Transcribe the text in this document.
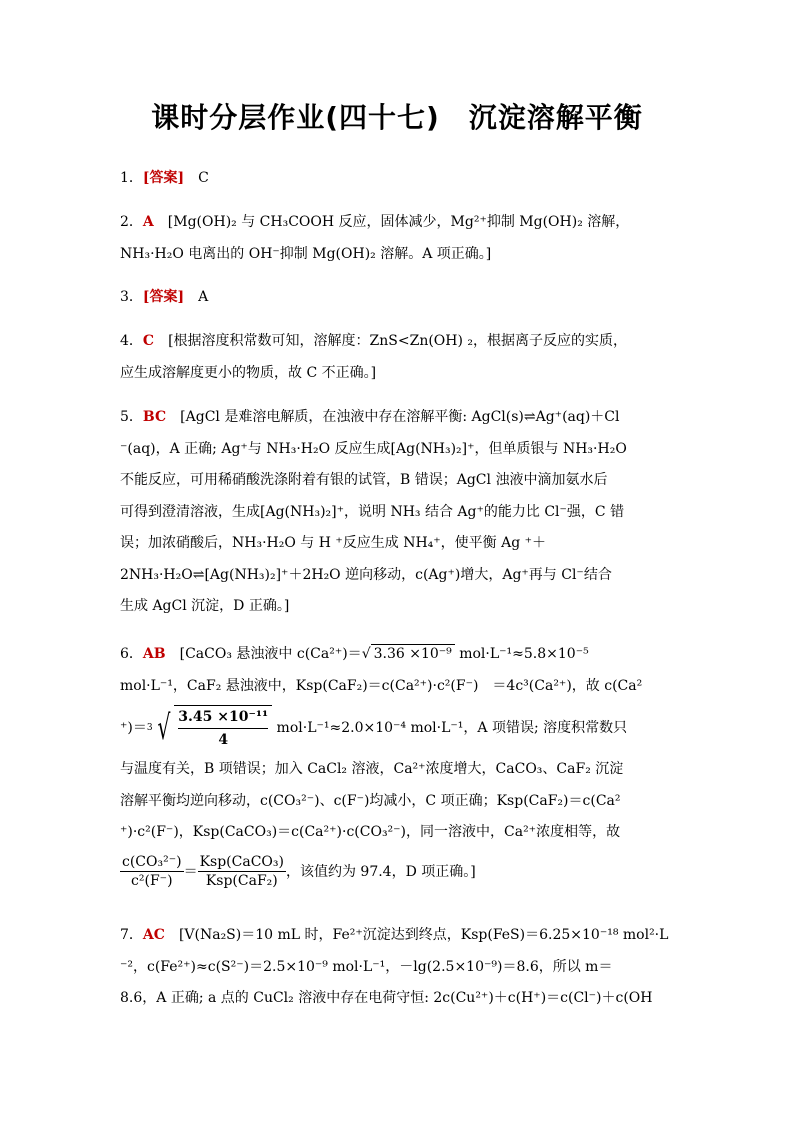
课时分层作业(四十七)　沉淀溶解平衡
1．[答案]　 C
2．A　 [Mg(OH)₂ 与 CH₃COOH 反应，固体减少，Mg²⁺抑制 Mg(OH)₂ 溶解，
NH₃·H₂O 电离出的 OH⁻抑制 Mg(OH)₂ 溶解。A 项正确。]
3．[答案]　 A
4．C　 [根据溶度积常数可知，溶解度：ZnS<Zn(OH) ₂，根据离子反应的实质，
应生成溶解度更小的物质，故 C 不正确。]
5．BC　 [AgCl 是难溶电解质，在浊液中存在溶解平衡: AgCl(s)⇌Ag⁺(aq)＋Cl
⁻(aq)，A 正确; Ag⁺与 NH₃·H₂O 反应生成[Ag(NH₃)₂]⁺，但单质银与 NH₃·H₂O
不能反应，可用稀硝酸洗涤附着有银的试管，B 错误；AgCl 浊液中滴加氨水后
可得到澄清溶液，生成[Ag(NH₃)₂]⁺，说明 NH₃ 结合 Ag⁺的能力比 Cl⁻强，C 错
误；加浓硝酸后，NH₃·H₂O 与 H ⁺反应生成 NH₄⁺，使平衡 Ag ⁺＋
2NH₃·H₂O⇌[Ag(NH₃)₂]⁺＋2H₂O 逆向移动，c(Ag⁺)增大，Ag⁺再与 Cl⁻结合
生成 AgCl 沉淀，D 正确。]
6．AB　 [CaCO₃ 悬浊液中 c(Ca²⁺)＝√ 3.36 ×10⁻⁹ mol·L⁻¹≈5.8×10⁻⁵
mol·L⁻¹，CaF₂ 悬浊液中，Ksp(CaF₂)＝c(Ca²⁺)·c²(F⁻)　＝4c³(Ca²⁺)，故 c(Ca²
⁺)＝$^3$ √ $\frac{\text{3.45 ×10⁻¹¹}}{4} mol\cdot L^{-1}\approx 2.0\times 10^{-4}$ mol·L⁻¹，A 项错误; 溶度积常数只
与温度有关，B 项错误；加入 CaCl₂ 溶液，Ca²⁺浓度增大，CaCO₃、CaF₂ 沉淀
溶解平衡均逆向移动，c(CO₃²⁻)、c(F⁻)均减小，C 项正确；Ksp(CaF₂)＝c(Ca²
⁺)·c²(F⁻)，Ksp(CaCO₃)＝c(Ca²⁺)·c(CO₃²⁻)，同一溶液中，Ca²⁺浓度相等，故
$\frac{\text{c(CO₃²⁻)}}{\text{c²(F⁻)}} = \frac{\text{Ksp(CaCO₃)}}{\text{Ksp(CaF₂)}}$ ，该值约为 97.4，D 项正确。]
7．AC　 [V(Na₂S)＝10 mL 时，Fe²⁺沉淀达到终点，Ksp(FeS)＝6.25×10⁻¹⁸ mol²·L
⁻²，c(Fe²⁺)≈c(S²⁻)＝2.5×10⁻⁹ mol·L⁻¹，－lg(2.5×10⁻⁹)＝8.6，所以 m＝
8.6，A 正确; a 点的 CuCl₂ 溶液中存在电荷守恒: 2c(Cu²⁺)＋c(H⁺)＝c(Cl⁻)＋c(OH
